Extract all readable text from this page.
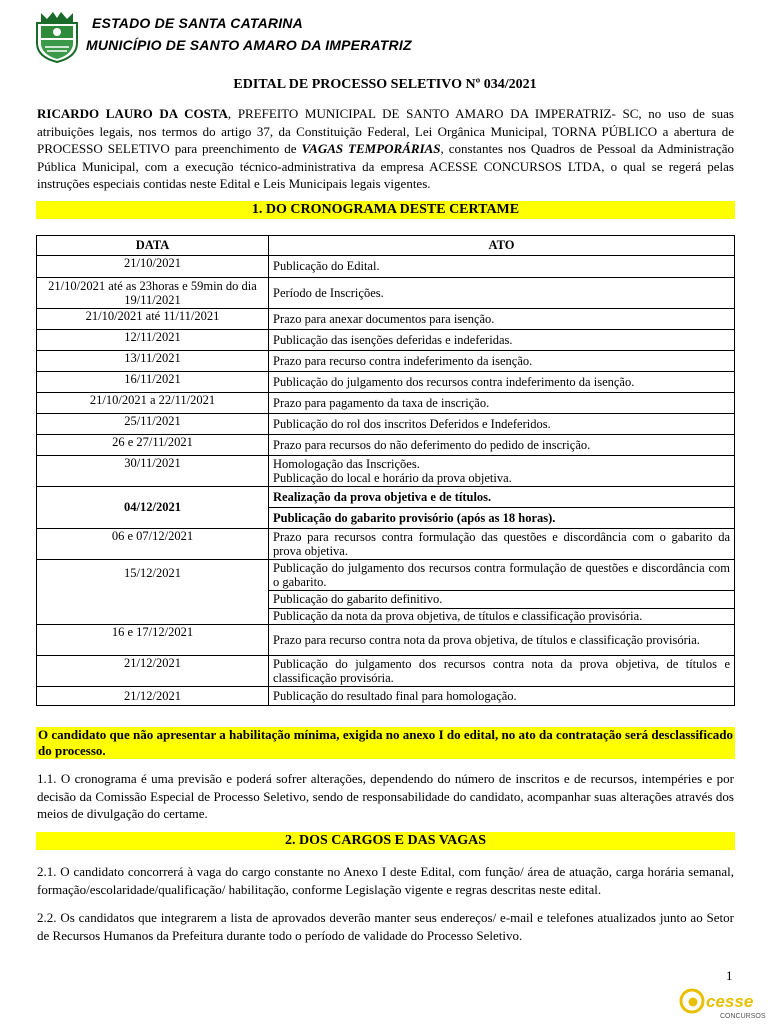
ESTADO DE SANTA CATARINA
MUNICÍPIO DE SANTO AMARO DA IMPERATRIZ
EDITAL DE PROCESSO SELETIVO Nº 034/2021
RICARDO LAURO DA COSTA, PREFEITO MUNICIPAL DE SANTO AMARO DA IMPERATRIZ- SC, no uso de suas atribuições legais, nos termos do artigo 37, da Constituição Federal, Lei Orgânica Municipal, TORNA PÚBLICO a abertura de PROCESSO SELETIVO para preenchimento de VAGAS TEMPORÁRIAS, constantes nos Quadros de Pessoal da Administração Pública Municipal, com a execução técnico-administrativa da empresa ACESSE CONCURSOS LTDA, o qual se regerá pelas instruções especiais contidas neste Edital e Leis Municipais legais vigentes.
1. DO CRONOGRAMA DESTE CERTAME
DATA	ATO
21/10/2021	Publicação do Edital.
21/10/2021 até as 23horas e 59min do dia 19/11/2021	Período de Inscrições.
21/10/2021 até 11/11/2021	Prazo para anexar documentos para isenção.
12/11/2021	Publicação das isenções deferidas e indeferidas.
13/11/2021	Prazo para recurso contra indeferimento da isenção.
16/11/2021	Publicação do julgamento dos recursos contra indeferimento da isenção.
21/10/2021 a 22/11/2021	Prazo para pagamento da taxa de inscrição.
25/11/2021	Publicação do rol dos inscritos Deferidos e Indeferidos.
26 e 27/11/2021	Prazo para recursos do não deferimento do pedido de inscrição.
30/11/2021	Homologação das Inscrições.
Publicação do local e horário da prova objetiva.

04/12/2021	Realização da prova objetiva e de títulos.
	Publicação do gabarito provisório (após as 18 horas).
06 e 07/12/2021	Prazo para recursos contra formulação das questões e discordância com o gabarito da prova objetiva.
15/12/2021	Publicação do julgamento dos recursos contra formulação de questões e discordância com o gabarito.
	Publicação do gabarito definitivo.
	Publicação da nota da prova objetiva, de títulos e classificação provisória.
16 e 17/12/2021	Prazo para recurso contra nota da prova objetiva, de títulos e classificação provisória.
21/12/2021	Publicação do julgamento dos recursos contra nota da prova objetiva, de títulos e classificação provisória.
21/12/2021	Publicação do resultado final para homologação.
O candidato que não apresentar a habilitação mínima, exigida no anexo I do edital, no ato da contratação será desclassificado do processo.
1.1. O cronograma é uma previsão e poderá sofrer alterações, dependendo do número de inscritos e de recursos, intempéries e por decisão da Comissão Especial de Processo Seletivo, sendo de responsabilidade do candidato, acompanhar suas alterações através dos meios de divulgação do certame.
2. DOS CARGOS E DAS VAGAS
2.1. O candidato concorrerá à vaga do cargo constante no Anexo I deste Edital, com função/ área de atuação, carga horária semanal, formação/escolaridade/qualificação/ habilitação, conforme Legislação vigente e regras descritas neste edital.
2.2. Os candidatos que integrarem a lista de aprovados deverão manter seus endereços/ e-mail e telefones atualizados junto ao Setor de Recursos Humanos da Prefeitura durante todo o período de validade do Processo Seletivo.
1
cesse
CONCURSOS
